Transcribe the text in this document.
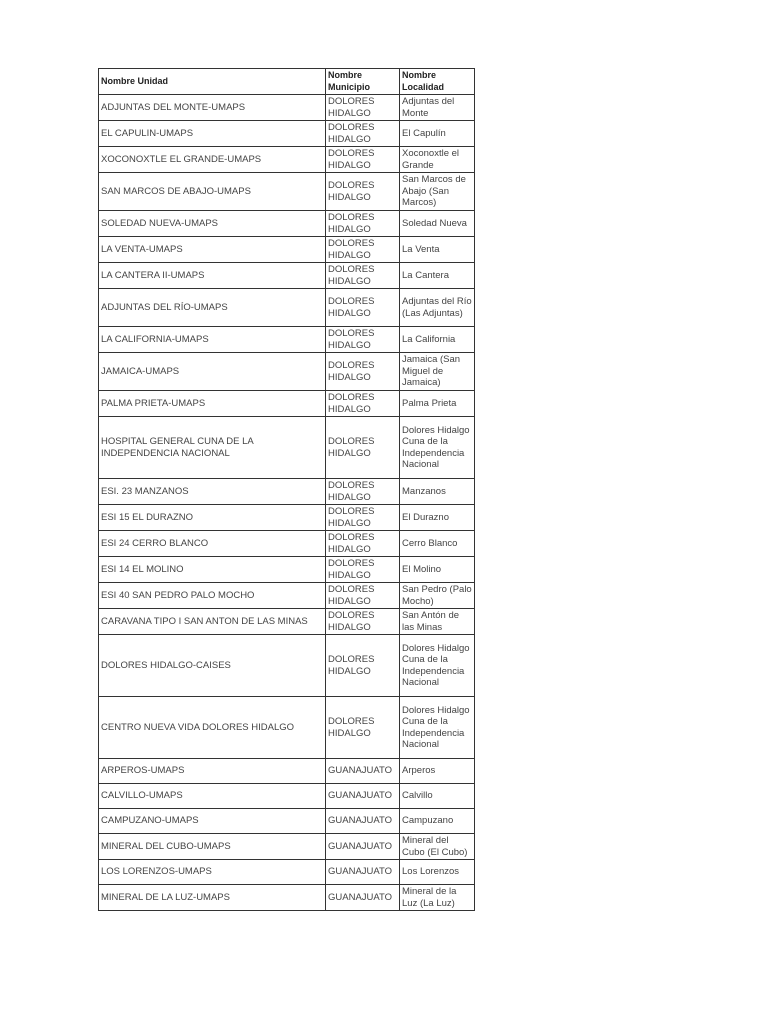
Nombre Unidad	Nombre Municipio	Nombre Localidad
ADJUNTAS DEL MONTE-UMAPS	DOLORES HIDALGO	Adjuntas del Monte
EL CAPULIN-UMAPS	DOLORES HIDALGO	El Capulín
XOCONOXTLE EL GRANDE-UMAPS	DOLORES HIDALGO	Xoconoxtle el Grande
SAN MARCOS DE ABAJO-UMAPS	DOLORES HIDALGO	San Marcos de Abajo (San Marcos)
SOLEDAD NUEVA-UMAPS	DOLORES HIDALGO	Soledad Nueva
LA VENTA-UMAPS	DOLORES HIDALGO	La Venta
LA CANTERA II-UMAPS	DOLORES HIDALGO	La Cantera
ADJUNTAS DEL RÍO-UMAPS	DOLORES HIDALGO	Adjuntas del Río (Las Adjuntas)
LA CALIFORNIA-UMAPS	DOLORES HIDALGO	La California
JAMAICA-UMAPS	DOLORES HIDALGO	Jamaica (San Miguel de Jamaica)
PALMA PRIETA-UMAPS	DOLORES HIDALGO	Palma Prieta
HOSPITAL GENERAL CUNA DE LA INDEPENDENCIA NACIONAL	DOLORES HIDALGO	Dolores Hidalgo Cuna de la Independencia Nacional
ESI. 23 MANZANOS	DOLORES HIDALGO	Manzanos
ESI 15 EL DURAZNO	DOLORES HIDALGO	El Durazno
ESI 24 CERRO BLANCO	DOLORES HIDALGO	Cerro Blanco
ESI 14 EL MOLINO	DOLORES HIDALGO	El Molino
ESI 40 SAN PEDRO PALO MOCHO	DOLORES HIDALGO	San Pedro (Palo Mocho)
CARAVANA TIPO I SAN ANTON DE LAS MINAS	DOLORES HIDALGO	San Antón de las Minas
DOLORES HIDALGO-CAISES	DOLORES HIDALGO	Dolores Hidalgo Cuna de la Independencia Nacional
CENTRO NUEVA VIDA DOLORES HIDALGO	DOLORES HIDALGO	Dolores Hidalgo Cuna de la Independencia Nacional
ARPEROS-UMAPS	GUANAJUATO	Arperos
CALVILLO-UMAPS	GUANAJUATO	Calvillo
CAMPUZANO-UMAPS	GUANAJUATO	Campuzano
MINERAL DEL CUBO-UMAPS	GUANAJUATO	Mineral del Cubo (El Cubo)
LOS LORENZOS-UMAPS	GUANAJUATO	Los Lorenzos
MINERAL DE LA LUZ-UMAPS	GUANAJUATO	Mineral de la Luz (La Luz)
